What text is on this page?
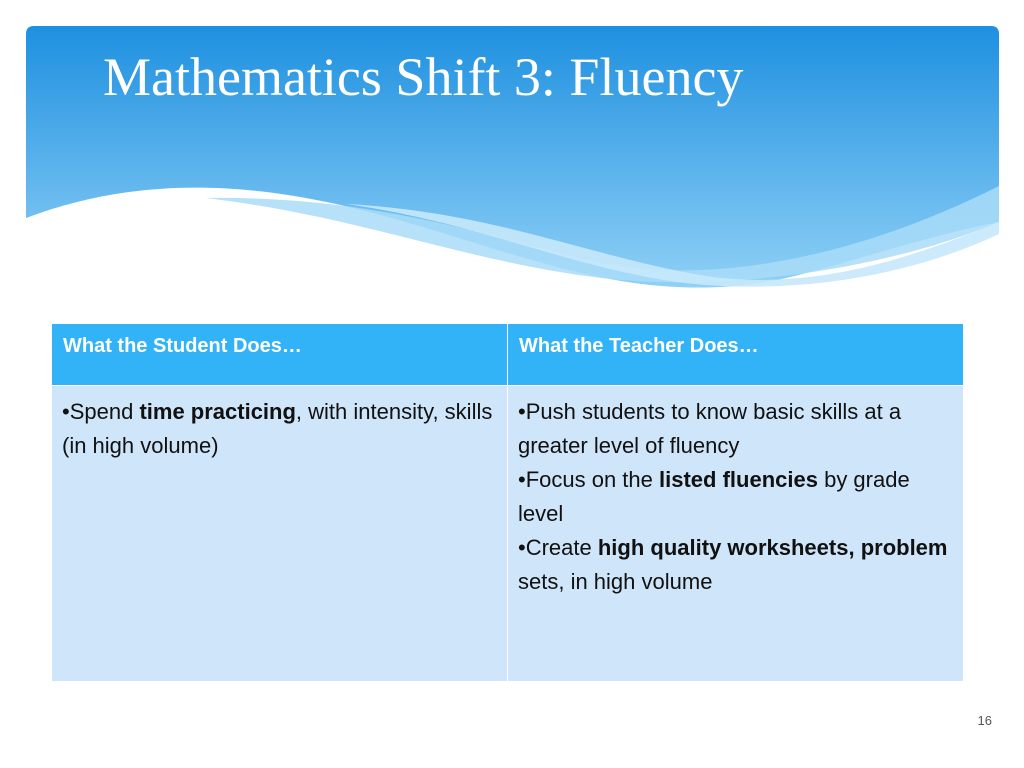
Mathematics Shift 3: Fluency
What the Student Does…	What the Teacher Does…

•Spend time practicing, with intensity, skills (in high volume)	•Push students to know basic skills at a greater level of fluency
•Focus on the listed fluencies by grade level
•Create high quality worksheets, problem sets, in high volume
16
